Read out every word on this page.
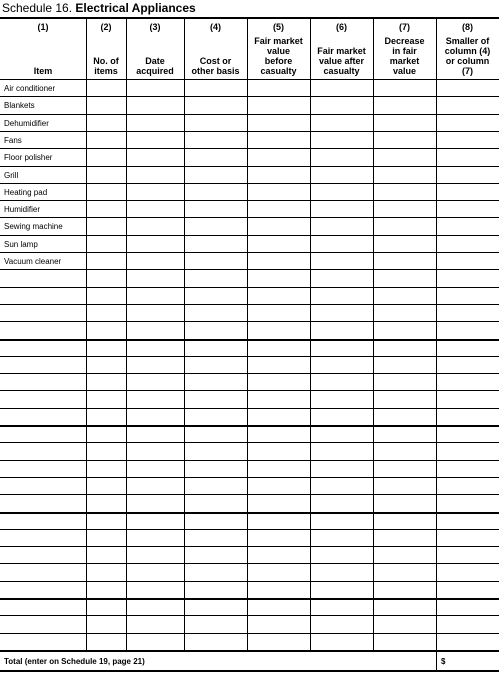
Schedule 16. Electrical Appliances
(1)
Item
(2)
No. of
items
(3)
Date
acquired
(4)
Cost or
other basis
(5)
Fair market
value
before
casualty
(6)
Fair market
value after
casualty
(7)
Decrease
in fair
market
value
(8)
Smaller of
column (4)
or column
(7)
Air conditioner
Blankets
Dehumidifier
Fans
Floor polisher
Grill
Heating pad
Humidifier
Sewing machine
Sun lamp
Vacuum cleaner
Total (enter on Schedule 19, page 21)	$
